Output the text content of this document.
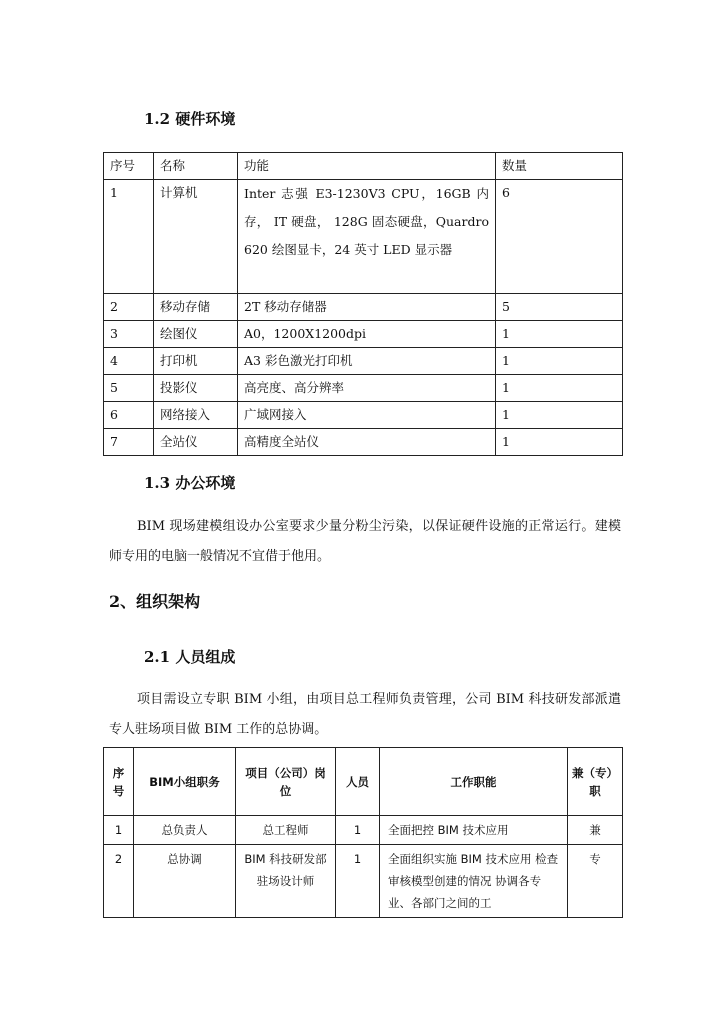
1.2 硬件环境
序号	名称	功能	数量
1	计算机	Inter 志强 E3-1230V3 CPU，16GB 内存， IT 硬盘， 128G 固态硬盘，Quardro 620 绘图显卡，24 英寸 LED 显示器	6
2	移动存储	2T 移动存储器	5
3	绘图仪	A0，1200X1200dpi	1
4	打印机	A3 彩色激光打印机	1
5	投影仪	高亮度、高分辨率	1
6	网络接入	广域网接入	1
7	全站仪	高精度全站仪	1
1.3 办公环境

BIM 现场建模组设办公室要求少量分粉尘污染，以保证硬件设施的正常运行。建模师专用的电脑一般情况不宜借于他用。

2、组织架构
2.1 人员组成

项目需设立专职 BIM 小组，由项目总工程师负责管理，公司 BIM 科技研发部派遣专人驻场项目做 BIM 工作的总协调。

序号	BIM小组职务	项目（公司）岗位	人员	工作职能	兼（专）职
1	总负责人	总工程师	1	全面把控 BIM 技术应用	兼
2	总协调	BIM 科技研发部驻场设计师	1	全面组织实施 BIM 技术应用 检查审核模型创建的情况 协调各专业、各部门之间的工	专
